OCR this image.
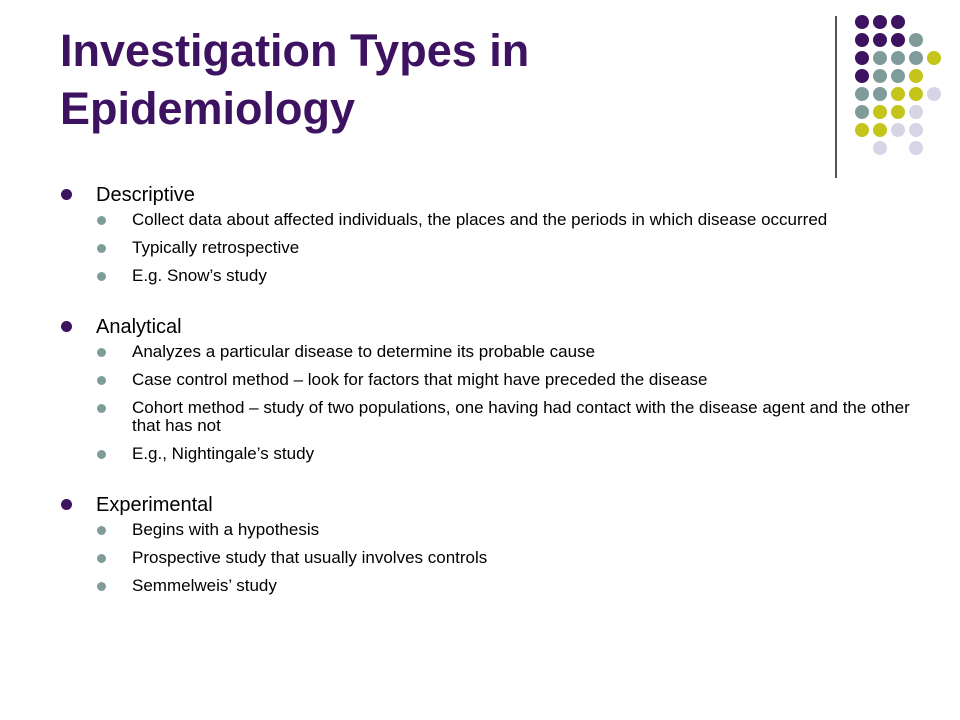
Investigation Types in
Epidemiology
Descriptive
Collect data about affected individuals, the places and the periods in which disease occurred
Typically retrospective
E.g. Snow’s study
Analytical
Analyzes a particular disease to determine its probable cause
Case control method – look for factors that might have preceded the disease
Cohort method – study of two populations, one having had contact with the disease agent and the other that has not
E.g., Nightingale’s study
Experimental
Begins with a hypothesis
Prospective study that usually involves controls
Semmelweis’ study
